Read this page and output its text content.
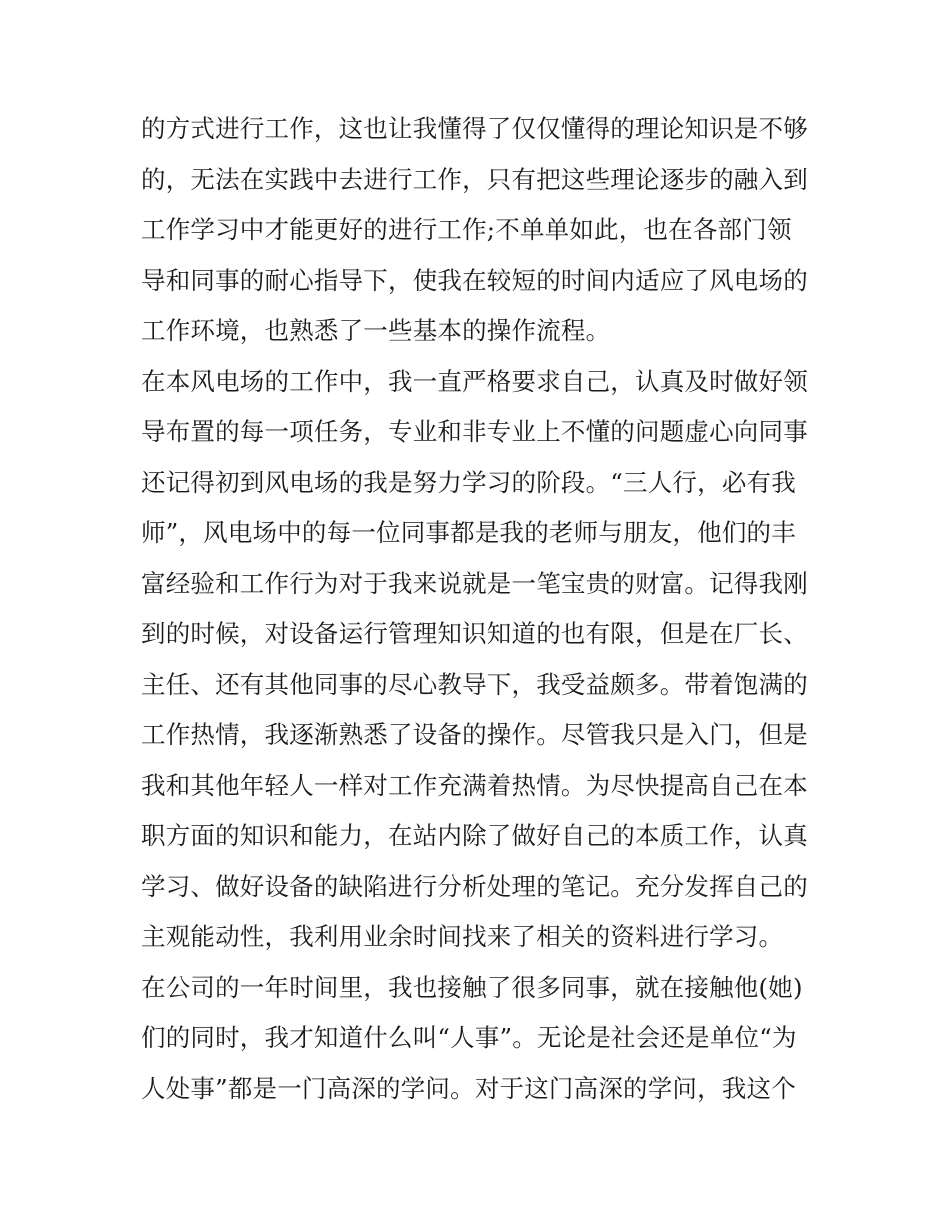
的方式进行工作，这也让我懂得了仅仅懂得的理论知识是不够
的，无法在实践中去进行工作，只有把这些理论逐步的融入到
工作学习中才能更好的进行工作;不单单如此，也在各部门领
导和同事的耐心指导下，使我在较短的时间内适应了风电场的
工作环境，也熟悉了一些基本的操作流程。
在本风电场的工作中，我一直严格要求自己，认真及时做好领
导布置的每一项任务，专业和非专业上不懂的问题虚心向同事
还记得初到风电场的我是努力学习的阶段。“三人行，必有我
师”，风电场中的每一位同事都是我的老师与朋友，他们的丰
富经验和工作行为对于我来说就是一笔宝贵的财富。记得我刚
到的时候，对设备运行管理知识知道的也有限，但是在厂长、
主任、还有其他同事的尽心教导下，我受益颇多。带着饱满的
工作热情，我逐渐熟悉了设备的操作。尽管我只是入门，但是
我和其他年轻人一样对工作充满着热情。为尽快提高自己在本
职方面的知识和能力，在站内除了做好自己的本质工作，认真
学习、做好设备的缺陷进行分析处理的笔记。充分发挥自己的
主观能动性，我利用业余时间找来了相关的资料进行学习。
在公司的一年时间里，我也接触了很多同事，就在接触他(她)
们的同时，我才知道什么叫“人事”。无论是社会还是单位“为
人处事”都是一门高深的学问。对于这门高深的学问，我这个
